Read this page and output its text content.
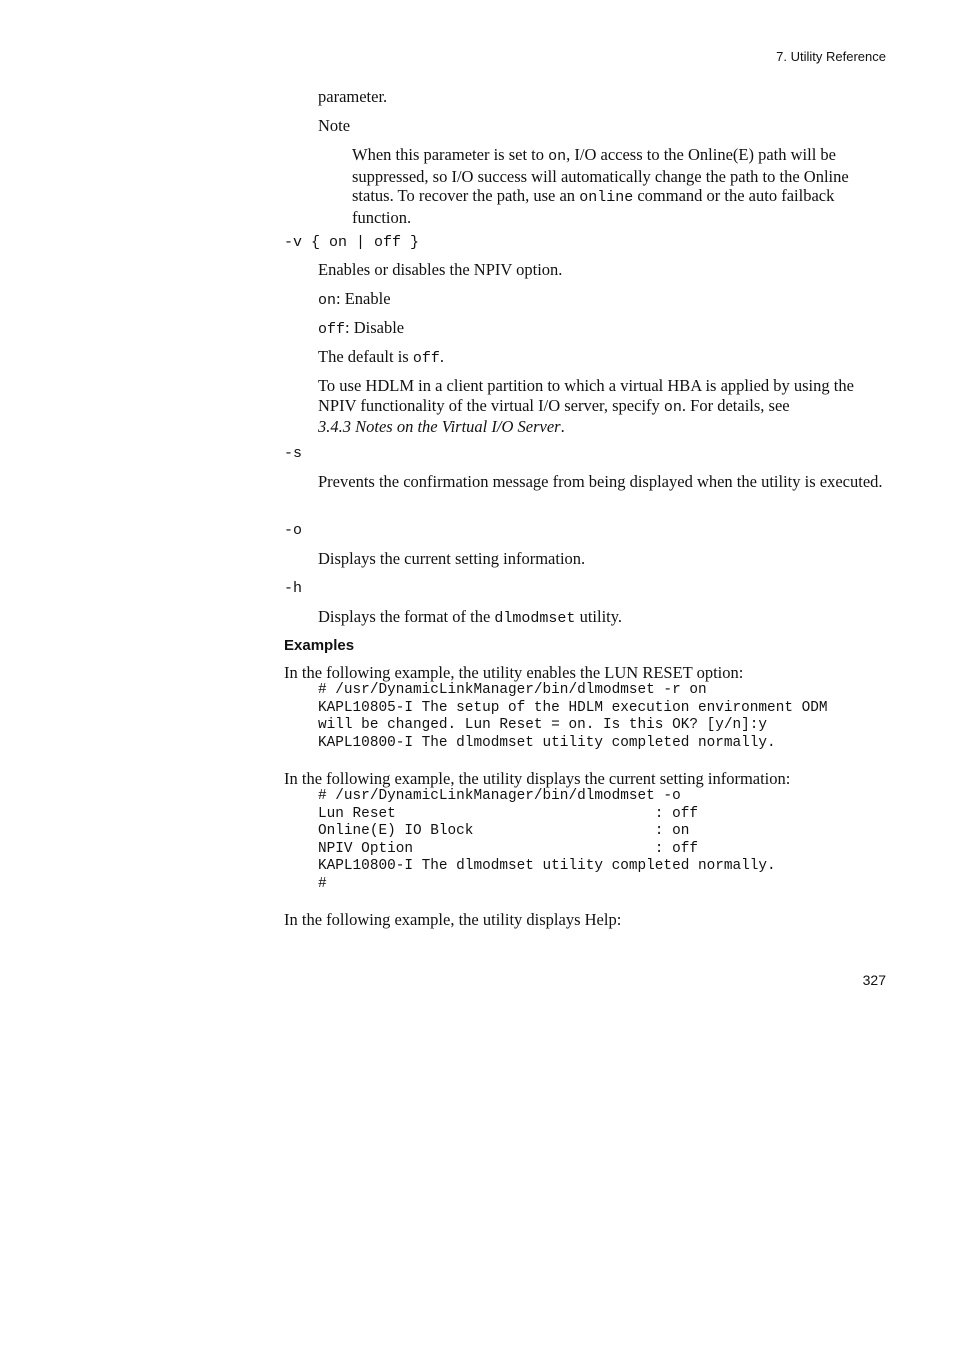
7. Utility Reference
parameter.
Note
When this parameter is set to on, I/O access to the Online(E) path will be suppressed, so I/O success will automatically change the path to the Online status. To recover the path, use an online command or the auto failback function.
-v { on | off }
Enables or disables the NPIV option.
on: Enable
off: Disable
The default is off.
To use HDLM in a client partition to which a virtual HBA is applied by using the NPIV functionality of the virtual I/O server, specify on. For details, see
3.4.3 Notes on the Virtual I/O Server.
-s
Prevents the confirmation message from being displayed when the utility is executed.
-o
Displays the current setting information.
-h
Displays the format of the dlmodmset utility.
Examples
In the following example, the utility enables the LUN RESET option:
# /usr/DynamicLinkManager/bin/dlmodmset -r on
KAPL10805-I The setup of the HDLM execution environment ODM
will be changed. Lun Reset = on. Is this OK? [y/n]:y
KAPL10800-I The dlmodmset utility completed normally.
In the following example, the utility displays the current setting information:
# /usr/DynamicLinkManager/bin/dlmodmset -o
Lun Reset                              : off
Online(E) IO Block                     : on
NPIV Option                            : off
KAPL10800-I The dlmodmset utility completed normally.
#
In the following example, the utility displays Help:
327
